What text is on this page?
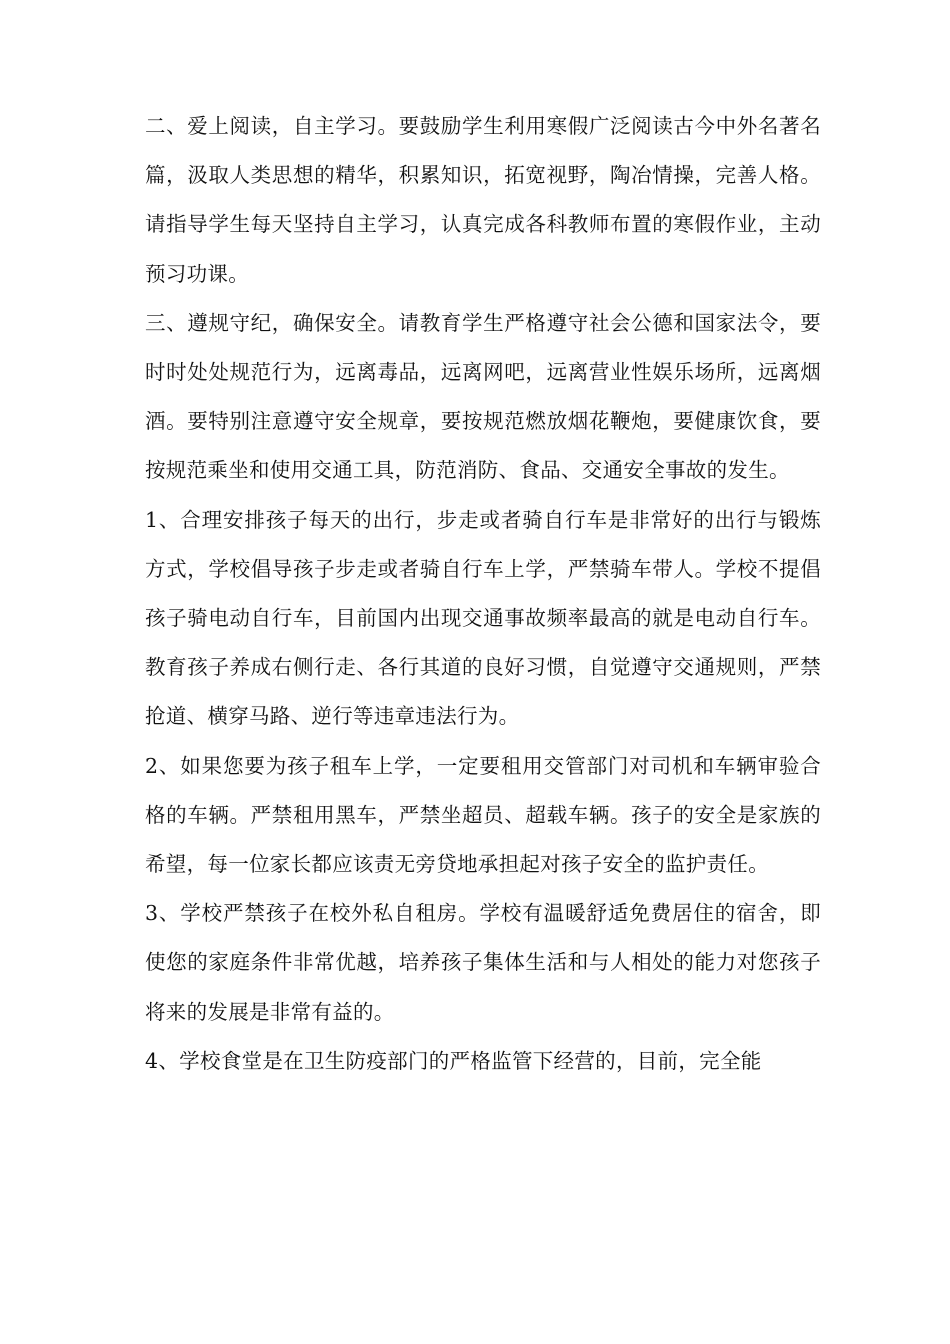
二、爱上阅读，自主学习。要鼓励学生利用寒假广泛阅读古今中外名著名篇，汲取人类思想的精华，积累知识，拓宽视野，陶冶情操，完善人格。请指导学生每天坚持自主学习，认真完成各科教师布置的寒假作业，主动预习功课。

三、遵规守纪，确保安全。请教育学生严格遵守社会公德和国家法令，要时时处处规范行为，远离毒品，远离网吧，远离营业性娱乐场所，远离烟酒。要特别注意遵守安全规章，要按规范燃放烟花鞭炮，要健康饮食，要按规范乘坐和使用交通工具，防范消防、食品、交通安全事故的发生。

1、合理安排孩子每天的出行，步走或者骑自行车是非常好的出行与锻炼方式，学校倡导孩子步走或者骑自行车上学，严禁骑车带人。学校不提倡孩子骑电动自行车，目前国内出现交通事故频率最高的就是电动自行车。教育孩子养成右侧行走、各行其道的良好习惯，自觉遵守交通规则，严禁抢道、横穿马路、逆行等违章违法行为。

2、如果您要为孩子租车上学，一定要租用交管部门对司机和车辆审验合格的车辆。严禁租用黑车，严禁坐超员、超载车辆。孩子的安全是家族的希望，每一位家长都应该责无旁贷地承担起对孩子安全的监护责任。

3、学校严禁孩子在校外私自租房。学校有温暖舒适免费居住的宿舍，即使您的家庭条件非常优越，培养孩子集体生活和与人相处的能力对您孩子将来的发展是非常有益的。

4、学校食堂是在卫生防疫部门的严格监管下经营的，目前，完全能
